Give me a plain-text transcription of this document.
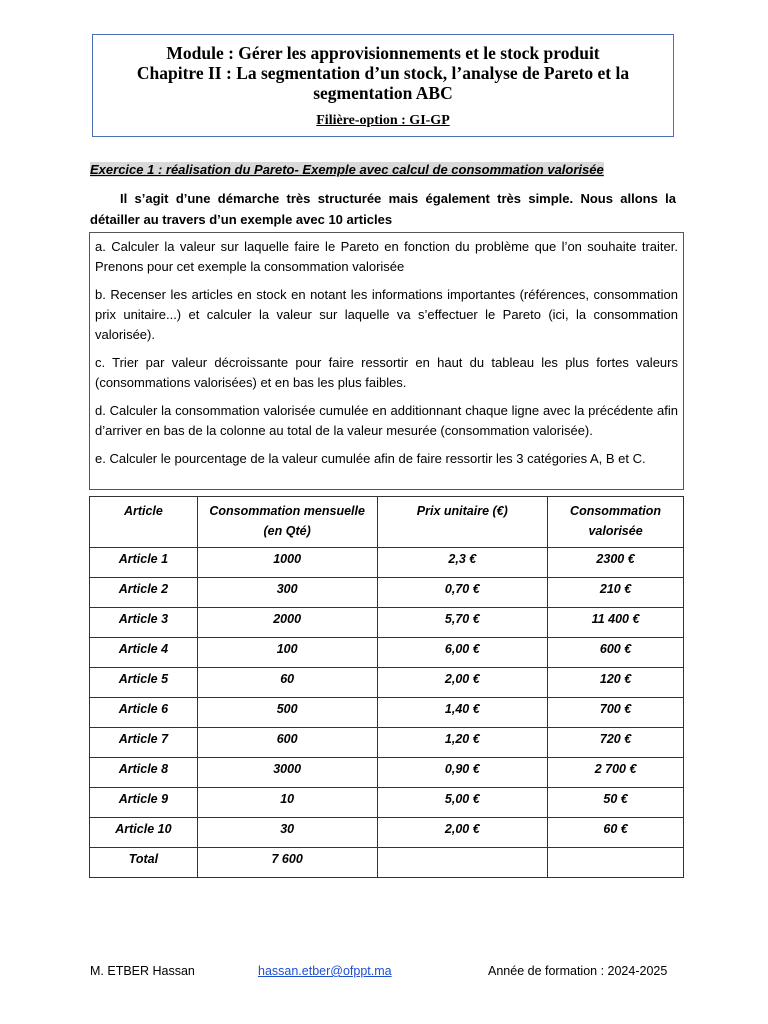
Module : Gérer les approvisionnements et le stock produit
Chapitre II : La segmentation d’un stock, l’analyse de Pareto et la
segmentation ABC
Filière-option : GI-GP
Exercice 1 : réalisation du Pareto- Exemple avec calcul de consommation valorisée
Il s’agit d’une démarche très structurée mais également très simple. Nous allons la détailler au travers d’un exemple avec 10 articles

a. Calculer la valeur sur laquelle faire le Pareto en fonction du problème que l’on souhaite traiter. Prenons pour cet exemple la consommation valorisée

b. Recenser les articles en stock en notant les informations importantes (références, consommation prix unitaire...) et calculer la valeur sur laquelle va s’effectuer le Pareto (ici, la consommation valorisée).

c. Trier par valeur décroissante pour faire ressortir en haut du tableau les plus fortes valeurs (consommations valorisées) et en bas les plus faibles.

d. Calculer la consommation valorisée cumulée en additionnant chaque ligne avec la précédente afin d’arriver en bas de la colonne au total de la valeur mesurée (consommation valorisée).

e. Calculer le pourcentage de la valeur cumulée afin de faire ressortir les 3 catégories A, B et C.

Article	Consommation mensuelle (en Qté)	Prix unitaire (€)	Consommation valorisée
Article 1	1000	2,3 €	2300 €
Article 2	300	0,70 €	210 €
Article 3	2000	5,70 €	11 400 €
Article 4	100	6,00 €	600 €
Article 5	60	2,00 €	120 €
Article 6	500	1,40 €	700 €
Article 7	600	1,20 €	720 €
Article 8	3000	0,90 €	2 700 €
Article 9	10	5,00 €	50 €
Article 10	30	2,00 €	60 €
Total	7 600		
M. ETBER Hassan	hassan.etber@ofppt.ma	Année de formation : 2024-2025
